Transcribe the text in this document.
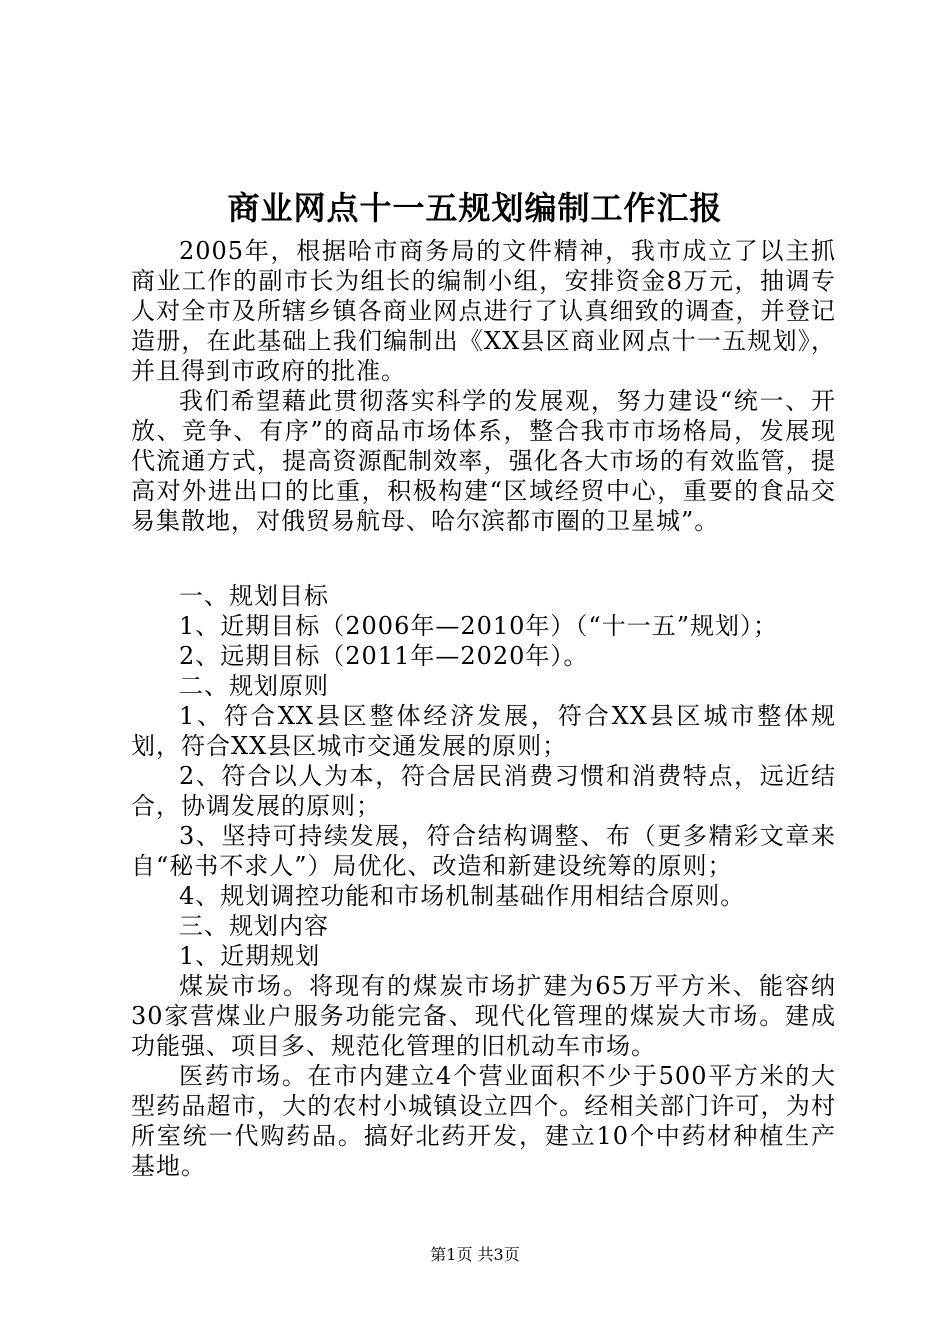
商业网点十一五规划编制工作汇报

2005年，根据哈市商务局的文件精神，我市成立了以主抓商业工作的副市长为组长的编制小组，安排资金8万元，抽调专人对全市及所辖乡镇各商业网点进行了认真细致的调查，并登记造册，在此基础上我们编制出《XX县区商业网点十一五规划》，并且得到市政府的批准。

我们希望藉此贯彻落实科学的发展观，努力建设“统一、开放、竞争、有序”的商品市场体系，整合我市市场格局，发展现代流通方式，提高资源配制效率，强化各大市场的有效监管，提高对外进出口的比重，积极构建“区域经贸中心，重要的食品交易集散地，对俄贸易航母、哈尔滨都市圈的卫星城”。

一、规划目标

1、近期目标（2006年—2010年）（“十一五”规划）；

2、远期目标（2011年—2020年）。

二、规划原则

1、符合XX县区整体经济发展，符合XX县区城市整体规划，符合XX县区城市交通发展的原则；

2、符合以人为本，符合居民消费习惯和消费特点，远近结合，协调发展的原则；

3、坚持可持续发展，符合结构调整、布（更多精彩文章来自“秘书不求人”）局优化、改造和新建设统筹的原则；

4、规划调控功能和市场机制基础作用相结合原则。

三、规划内容

1、近期规划

煤炭市场。将现有的煤炭市场扩建为65万平方米、能容纳30家营煤业户服务功能完备、现代化管理的煤炭大市场。建成功能强、项目多、规范化管理的旧机动车市场。

医药市场。在市内建立4个营业面积不少于500平方米的大型药品超市，大的农村小城镇设立四个。经相关部门许可，为村所室统一代购药品。搞好北药开发，建立10个中药材种植生产基地。

第1页 共3页
